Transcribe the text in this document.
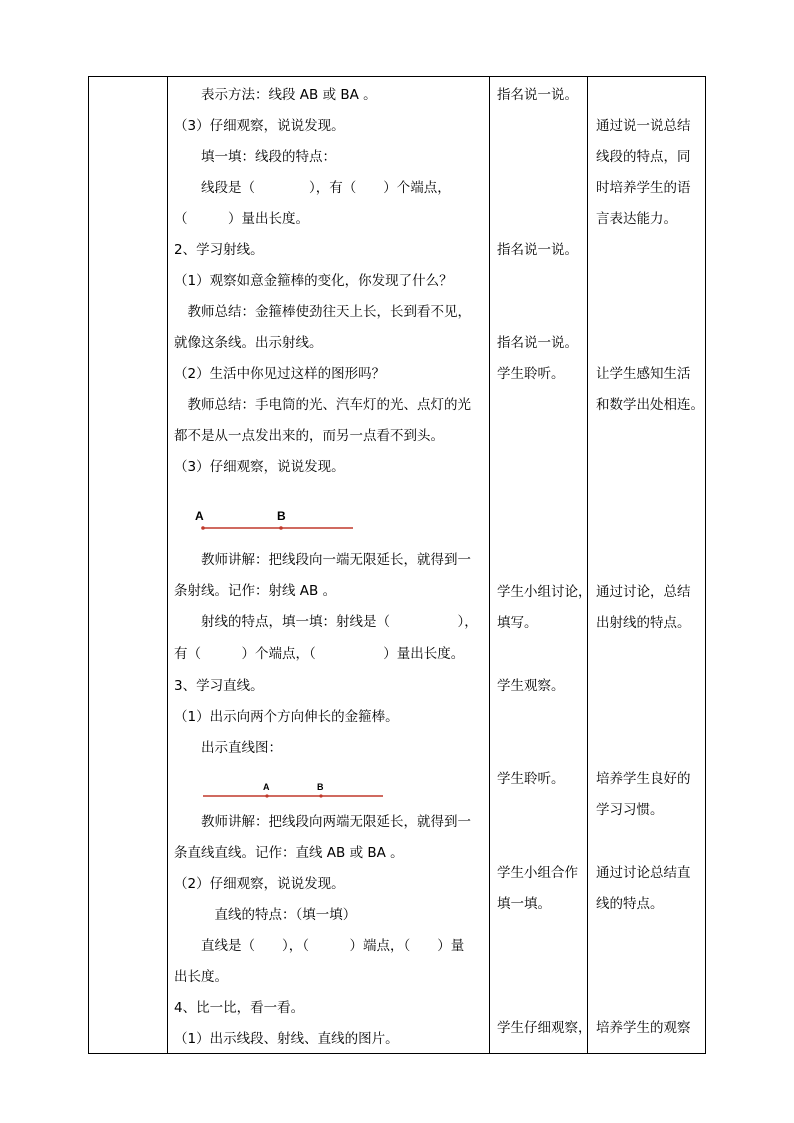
　　表示方法：线段 AB 或 BA 。
（3）仔细观察，说说发现。
　　填一填：线段的特点：
　　线段是（　　　　），有（　　）个端点，
（　　　）量出长度。
2、学习射线。
（1）观察如意金箍棒的变化，你发现了什么？
　教师总结：金箍棒使劲往天上长，长到看不见，
就像这条线。出示射线。
（2）生活中你见过这样的图形吗？
　教师总结：手电筒的光、汽车灯的光、点灯的光
都不是从一点发出来的，而另一点看不到头。
（3）仔细观察，说说发现。
A	B
　　教师讲解：把线段向一端无限延长，就得到一
条射线。记作：射线 AB 。
　　射线的特点，填一填：射线是（　　　　　），
有（　　　）个端点，（　　　　　）量出长度。
3、学习直线。
（1）出示向两个方向伸长的金箍棒。
　　出示直线图：
A	B
　　教师讲解：把线段向两端无限延长，就得到一
条直线直线。记作：直线 AB 或 BA 。
（2）仔细观察，说说发现。
　　　直线的特点：（填一填）
　　直线是（　　），（　　　）端点，（　　）量
出长度。
4、比一比，看一看。
（1）出示线段、射线、直线的图片。
指名说一说。
指名说一说。
指名说一说。
学生聆听。
学生小组讨论，
填写。
学生观察。
学生聆听。
学生小组合作
填一填。
学生仔细观察，
通过说一说总结
线段的特点，同
时培养学生的语
言表达能力。
让学生感知生活
和数学出处相连。
通过讨论，总结
出射线的特点。
培养学生良好的
学习习惯。
通过讨论总结直
线的特点。
培养学生的观察
